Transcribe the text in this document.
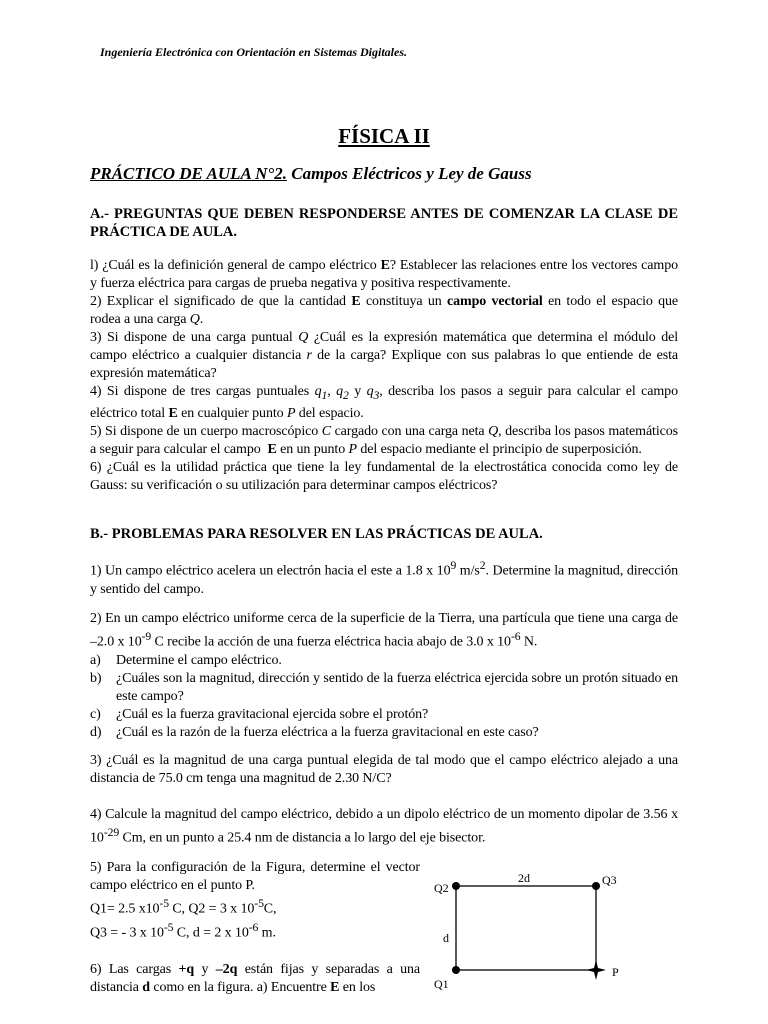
Ingeniería Electrónica con Orientación en Sistemas Digitales.
FÍSICA II
PRÁCTICO DE AULA N°2. Campos Eléctricos y Ley de Gauss
A.- PREGUNTAS QUE DEBEN RESPONDERSE ANTES DE COMENZAR LA CLASE DE PRÁCTICA DE AULA.

l) ¿Cuál es la definición general de campo eléctrico E? Establecer las relaciones entre los vectores campo y fuerza eléctrica para cargas de prueba negativa y positiva respectivamente.

2) Explicar el significado de que la cantidad E constituya un campo vectorial en todo el espacio que rodea a una carga Q.

3) Si dispone de una carga puntual Q ¿Cuál es la expresión matemática que determina el módulo del campo eléctrico a cualquier distancia r de la carga? Explique con sus palabras lo que entiende de esta expresión matemática?

4) Si dispone de tres cargas puntuales $q_1$, $q_2$ y $q_3$, describa los pasos a seguir para calcular el campo eléctrico total E en cualquier punto P del espacio.

5) Si dispone de un cuerpo macroscópico C cargado con una carga neta Q, describa los pasos matemáticos a seguir para calcular el campo E en un punto P del espacio mediante el principio de superposición.

6) ¿Cuál es la utilidad práctica que tiene la ley fundamental de la electrostática conocida como ley de Gauss: su verificación o su utilización para determinar campos eléctricos?

B.- PROBLEMAS PARA RESOLVER EN LAS PRÁCTICAS DE AULA.

1) Un campo eléctrico acelera un electrón hacia el este a 1.8 x $10^9$ $m/s^2$. Determine la magnitud, dirección y sentido del campo.

2) En un campo eléctrico uniforme cerca de la superficie de la Tierra, una partícula que tiene una carga de –2.0 x $10^{-9}$ C recibe la acción de una fuerza eléctrica hacia abajo de 3.0 x $10^{-6}$ N.

a)	Determine el campo eléctrico.
b)	¿Cuáles son la magnitud, dirección y sentido de la fuerza eléctrica ejercida sobre un protón situado en este campo?
c)	¿Cuál es la fuerza gravitacional ejercida sobre el protón?
d)	¿Cuál es la razón de la fuerza eléctrica a la fuerza gravitacional en este caso?

3) ¿Cuál es la magnitud de una carga puntual elegida de tal modo que el campo eléctrico alejado a una distancia de 75.0 cm tenga una magnitud de 2.30 N/C?

4) Calcule la magnitud del campo eléctrico, debido a un dipolo eléctrico de un momento dipolar de 3.56 x $10^{-29}$ Cm, en un punto a 25.4 nm de distancia a lo largo del eje bisector.

5) Para la configuración de la Figura, determine el vector campo eléctrico en el punto P.

Q1= 2.5 $x10^{-5}$ C, Q2 = 3 x $10^{-5}C$,

Q3 = - 3 x $10^{-5}$ C, d = 2 x $10^{-6}$ m.

6) Las cargas +q y –2q están fijas y separadas a una distancia d como en la figura. a) Encuentre E en los

Q2
Q3
Q1
P
2d
d
